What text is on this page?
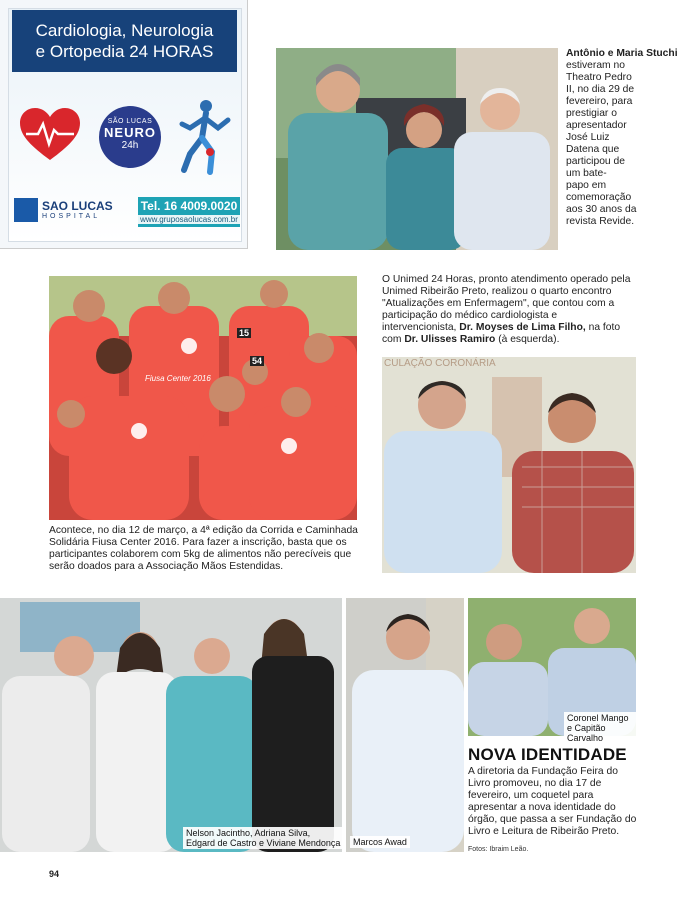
Cardiologia, Neurologia
e Ortopedia 24 HORAS
SÃO LUCAS
NEURO
24h
SAO LUCAS
HOSPITAL
Tel. 16 4009.0020
www.gruposaolucas.com.br
Antônio e Maria Stuchi
estiveram no
Theatro Pedro
II, no dia 29 de
fevereiro, para
prestigiar o
apresentador
José Luiz
Datena que
participou de
um bate-
papo em
comemoração
aos 30 anos da
revista Revide.
15
54
Fiusa Center 2016
Acontece, no dia 12 de março, a 4ª edição da Corrida e Caminhada Solidária Fiusa Center 2016. Para fazer a inscrição, basta que os participantes colaborem com 5kg de alimentos não perecíveis que serão doados para a Associação Mãos Estendidas.
O Unimed 24 Horas, pronto atendimento operado pela Unimed Ribeirão Preto, realizou o quarto encontro "Atualizações em Enfermagem", que contou com a participação do médico cardiologista e intervencionista, Dr. Moyses de Lima Filho, na foto com Dr. Ulisses Ramiro (à esquerda).
CULAÇÃO CORONÁRIA
Nelson Jacintho, Adriana Silva, Edgard de Castro e Viviane Mendonça	Marcos Awad
Coronel Mango e Capitão Carvalho
NOVA IDENTIDADE
A diretoria da Fundação Feira do Livro promoveu, no dia 17 de fevereiro, um coquetel para apresentar a nova identidade do órgão, que passa a ser Fundação do Livro e Leitura de Ribeirão Preto.
Fotos: Ibraim Leão.
94
